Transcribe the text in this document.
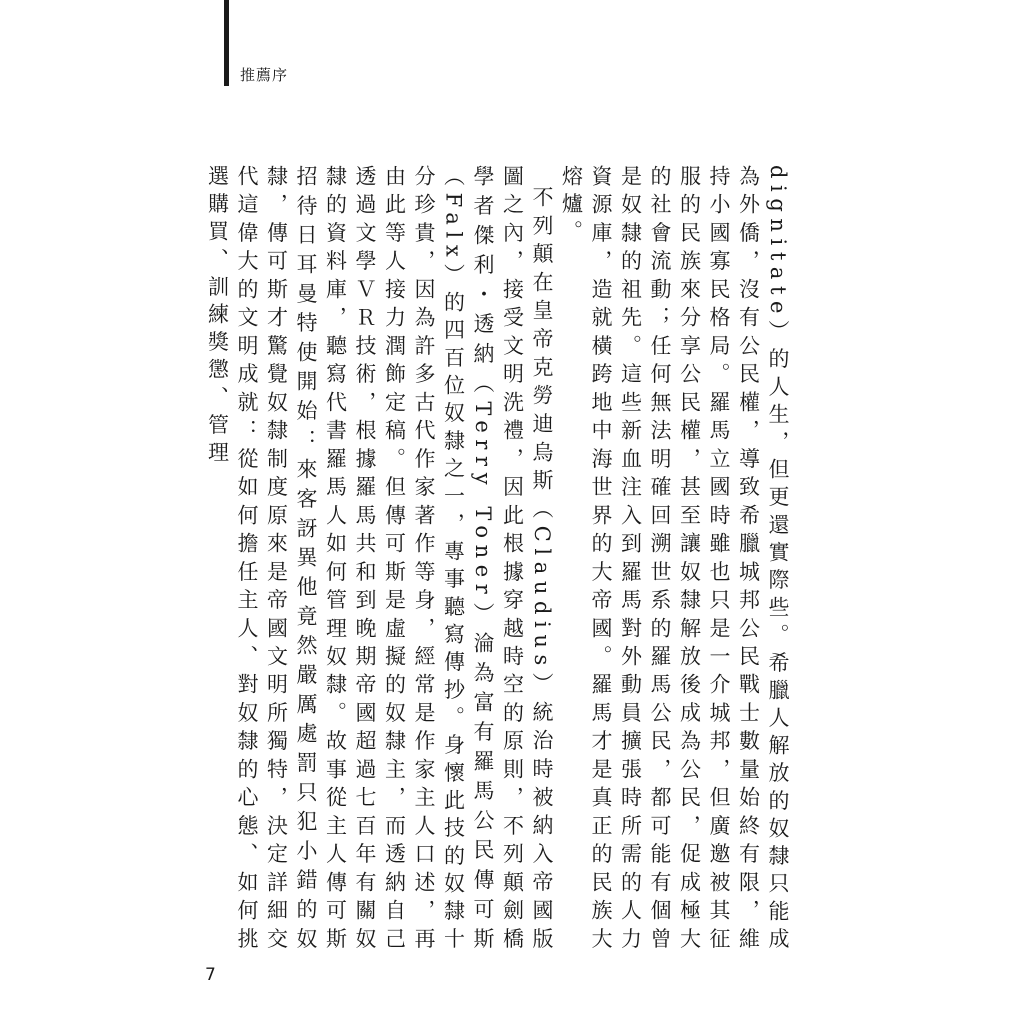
推薦序

dignitate）的人生，但更還實際些。希臘人解放的奴隸只能成為外僑，沒有公民權，導致希臘城邦公民戰士數量始終有限，維持小國寡民格局。羅馬立國時雖也只是一介城邦，但廣邀被其征服的民族來分享公民權，甚至讓奴隸解放後成為公民，促成極大的社會流動；任何無法明確回溯世系的羅馬公民，都可能有個曾是奴隸的祖先。這些新血注入到羅馬對外動員擴張時所需的人力資源庫，造就橫跨地中海世界的大帝國。羅馬才是真正的民族大熔爐。

不列顛在皇帝克勞迪烏斯（Claudius）統治時被納入帝國版圖之內，接受文明洗禮，因此根據穿越時空的原則，不列顛劍橋學者傑利・透納（Terry Toner）淪為富有羅馬公民傳可斯（Falx）的四百位奴隸之一，專事聽寫傳抄。身懷此技的奴隸十分珍貴，因為許多古代作家著作等身，經常是作家主人口述，再由此等人接力潤飾定稿。但傳可斯是虛擬的奴隸主，而透納自己透過文學ＶＲ技術，根據羅馬共和到晚期帝國超過七百年有關奴隸的資料庫，聽寫代書羅馬人如何管理奴隸。故事從主人傳可斯招待日耳曼特使開始：來客訝異他竟然嚴厲處罰只犯小錯的奴隸，傳可斯才驚覺奴隸制度原來是帝國文明所獨特，決定詳細交代這偉大的文明成就：從如何擔任主人、對奴隸的心態、如何挑選購買、訓練獎懲、管理

7
